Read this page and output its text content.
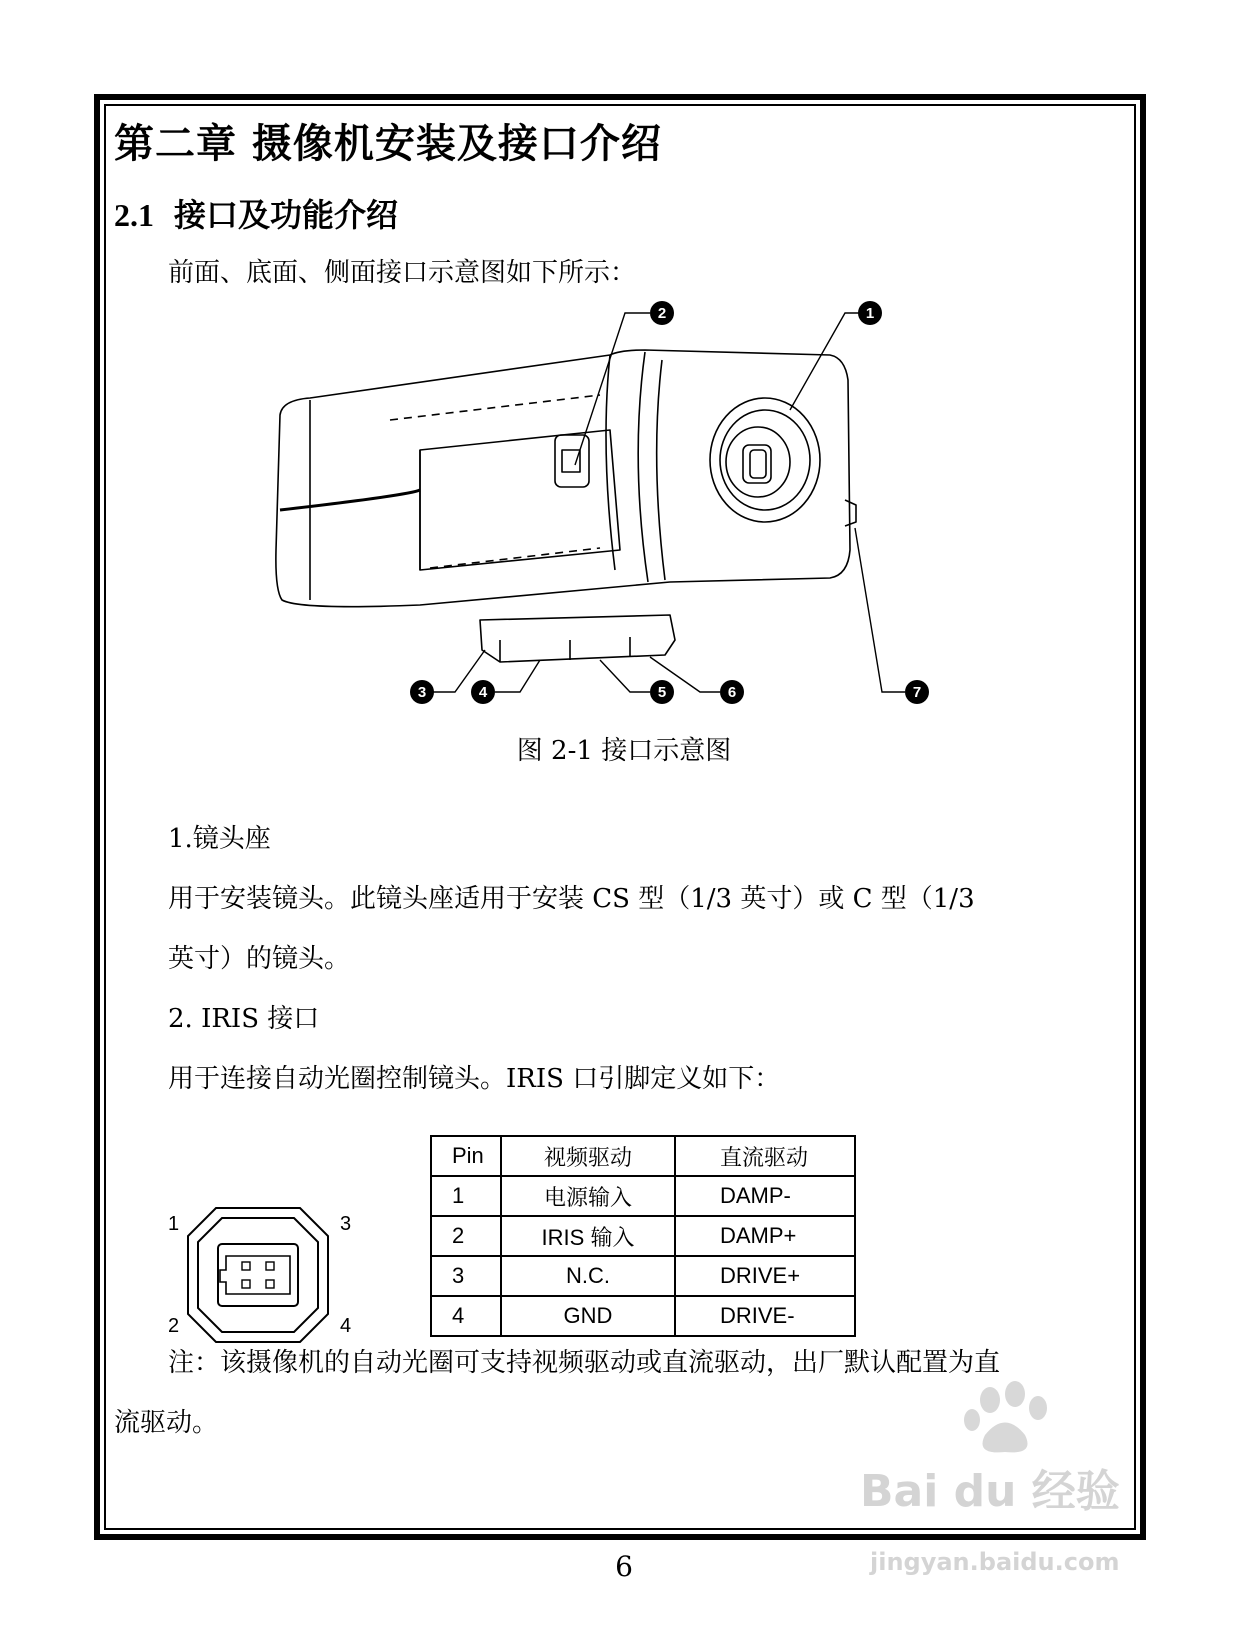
第二章 摄像机安装及接口介绍
2.1 接口及功能介绍
前面、底面、侧面接口示意图如下所示：
1
2
3	4	5	6	7
图 2-1 接口示意图
1.镜头座
用于安装镜头。此镜头座适用于安装 CS 型（1/3 英寸）或 C 型（1/3
英寸）的镜头。
2. IRIS 接口
用于连接自动光圈控制镜头。IRIS 口引脚定义如下：
1	3
2	4
Pin	视频驱动	直流驱动
1	电源输入	DAMP-
2	IRIS 输入	DAMP+
3	N.C.	DRIVE+
4	GND	DRIVE-
注：该摄像机的自动光圈可支持视频驱动或直流驱动，出厂默认配置为直
流驱动。
Bai du 经验
jingyan.baidu.com
6
